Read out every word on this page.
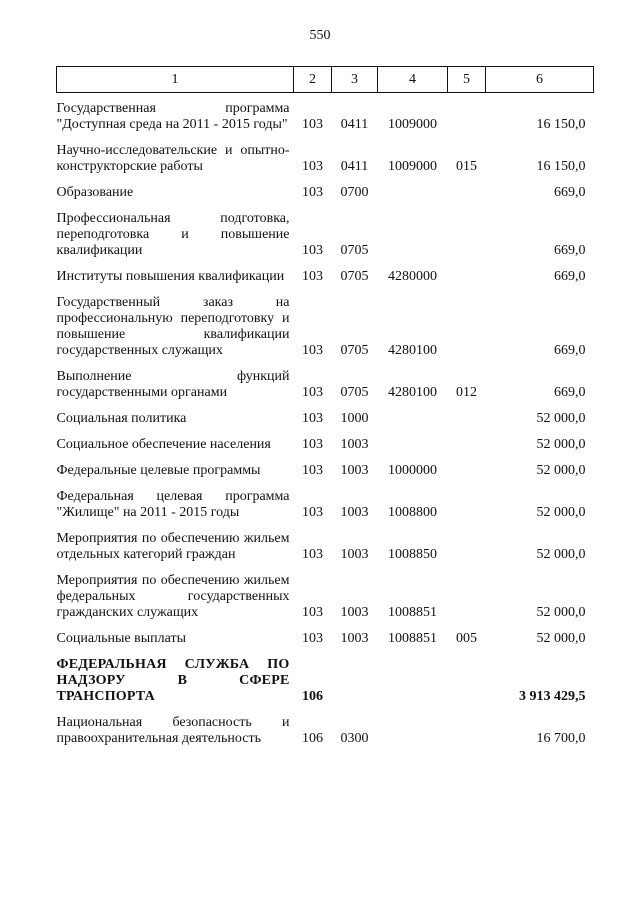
550
1	2	3	4	5	6
Государственная программа "Доступная среда на 2011 - 2015 годы"	103	0411	1009000		16 150,0
Научно-исследовательские и опытно-конструкторские работы	103	0411	1009000	015	16 150,0
Образование	103	0700			669,0
Профессиональная подготовка, переподготовка и повышение квалификации	103	0705			669,0
Институты повышения квалификации	103	0705	4280000		669,0
Государственный заказ на профессиональную переподготовку и повышение квалификации государственных служащих	103	0705	4280100		669,0
Выполнение функций государственными органами	103	0705	4280100	012	669,0
Социальная политика	103	1000			52 000,0
Социальное обеспечение населения	103	1003			52 000,0
Федеральные целевые программы	103	1003	1000000		52 000,0
Федеральная целевая программа "Жилище" на 2011 - 2015 годы	103	1003	1008800		52 000,0
Мероприятия по обеспечению жильем отдельных категорий граждан	103	1003	1008850		52 000,0
Мероприятия по обеспечению жильем федеральных государственных гражданских служащих	103	1003	1008851		52 000,0
Социальные выплаты	103	1003	1008851	005	52 000,0
ФЕДЕРАЛЬНАЯ СЛУЖБА ПО НАДЗОРУ В СФЕРЕ ТРАНСПОРТА	106				3 913 429,5
Национальная безопасность и правоохранительная деятельность	106	0300			16 700,0
